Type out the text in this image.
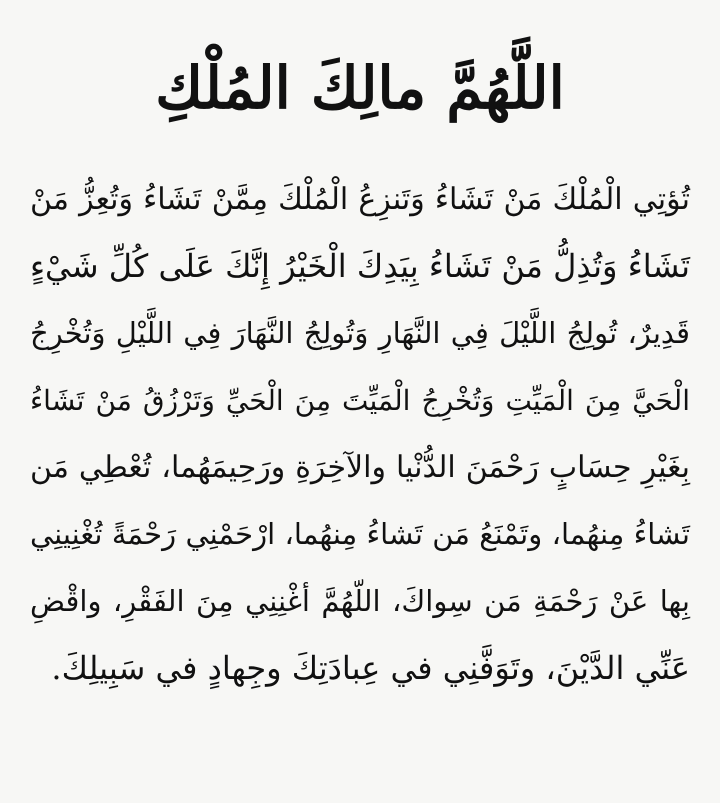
اللَّهُمَّ مالِكَ المُلْكِ
تُؤتِي الْمُلْكَ مَنْ تَشَاءُ وَتَنزِعُ الْمُلْكَ مِمَّنْ تَشَاءُ وَتُعِزُّ مَنْ
تَشَاءُ وَتُذِلُّ مَنْ تَشَاءُ بِيَدِكَ الْخَيْرُ إِنَّكَ عَلَى كُلِّ شَيْءٍ
قَدِيرٌ، تُولِجُ اللَّيْلَ فِي النَّهَارِ وَتُولِجُ النَّهَارَ فِي اللَّيْلِ وَتُخْرِجُ
الْحَيَّ مِنَ الْمَيِّتِ وَتُخْرِجُ الْمَيِّتَ مِنَ الْحَيِّ وَتَرْزُقُ مَنْ تَشَاءُ
بِغَيْرِ حِسَابٍ رَحْمَنَ الدُّنْيا والآخِرَةِ ورَحِيمَهُما، تُعْطِي مَن
تَشاءُ مِنهُما، وتَمْنَعُ مَن تَشاءُ مِنهُما، ارْحَمْنِي رَحْمَةً تُغْنِينِي
بِها عَنْ رَحْمَةِ مَن سِواكَ، اللّهُمَّ أغْنِنِي مِنَ الفَقْرِ، واقْضِ
عَنِّي الدَّيْنَ، وتَوَفَّنِي في عِبادَتِكَ وجِهادٍ في سَبِيلِكَ.
